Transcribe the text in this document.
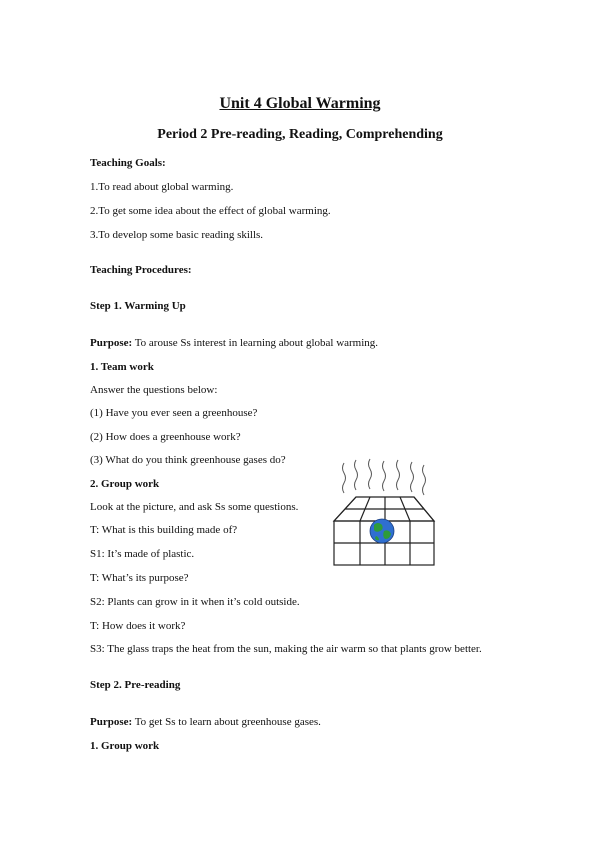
Unit 4 Global Warming
Period 2 Pre-reading, Reading, Comprehending
Teaching Goals:
1.To read about global warming.
2.To get some idea about the effect of global warming.
3.To develop some basic reading skills.
Teaching Procedures:
Step 1. Warming Up
Purpose: To arouse Ss interest in learning about global warming.
1. Team work
Answer the questions below:
(1) Have you ever seen a greenhouse?
(2) How does a greenhouse work?
(3) What do you think greenhouse gases do?
2. Group work
Look at the picture, and ask Ss some questions.
T: What is this building made of?
S1: It’s made of plastic.
T: What’s its purpose?
S2: Plants can grow in it when it’s cold outside.
T: How does it work?
S3: The glass traps the heat from the sun, making the air warm so that plants grow better.
Step 2. Pre-reading
Purpose: To get Ss to learn about greenhouse gases.
1. Group work
